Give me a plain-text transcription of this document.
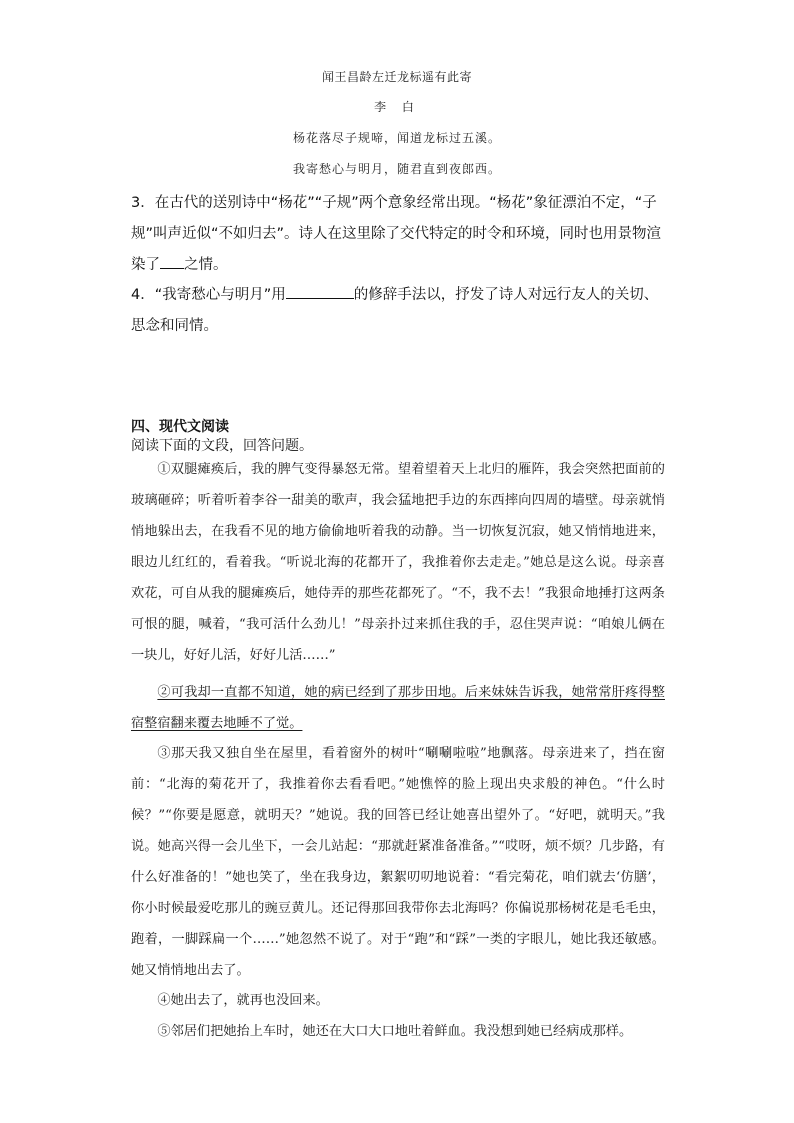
闻王昌龄左迁龙标遥有此寄
李 白
杨花落尽子规啼，闻道龙标过五溪。
我寄愁心与明月，随君直到夜郎西。
3．在古代的送别诗中“杨花”“子规”两个意象经常出现。“杨花”象征漂泊不定，“子规”叫声近似“不如归去”。诗人在这里除了交代特定的时令和环境，同时也用景物渲染了 之情。
4．“我寄愁心与明月”用	的修辞手法以，抒发了诗人对远行友人的关切、思念和同情。
四、现代文阅读
阅读下面的文段，回答问题。
①双腿瘫痪后，我的脾气变得暴怒无常。望着望着天上北归的雁阵，我会突然把面前的玻璃砸碎；听着听着李谷一甜美的歌声，我会猛地把手边的东西摔向四周的墙壁。母亲就悄悄地躲出去，在我看不见的地方偷偷地听着我的动静。当一切恢复沉寂，她又悄悄地进来，眼边儿红红的，看着我。“听说北海的花都开了，我推着你去走走。”她总是这么说。母亲喜欢花，可自从我的腿瘫痪后，她侍弄的那些花都死了。“不，我不去！”我狠命地捶打这两条可恨的腿，喊着，“我可活什么劲儿！”母亲扑过来抓住我的手，忍住哭声说：“咱娘儿俩在一块儿，好好儿活，好好儿活……”
②可我却一直都不知道，她的病已经到了那步田地。后来妹妹告诉我，她常常肝疼得整宿整宿翻来覆去地睡不了觉。
③那天我又独自坐在屋里，看着窗外的树叶“唰唰啦啦”地飘落。母亲进来了，挡在窗前：“北海的菊花开了，我推着你去看看吧。”她憔悴的脸上现出央求般的神色。“什么时候？”“你要是愿意，就明天？”她说。我的回答已经让她喜出望外了。“好吧，就明天。”我说。她高兴得一会儿坐下，一会儿站起：“那就赶紧准备准备。”“哎呀，烦不烦？几步路，有什么好准备的！”她也笑了，坐在我身边，絮絮叨叨地说着：“看完菊花，咱们就去‘仿膳’，你小时候最爱吃那儿的豌豆黄儿。还记得那回我带你去北海吗？你偏说那杨树花是毛毛虫，跑着，一脚踩扁一个……”她忽然不说了。对于“跑”和“踩”一类的字眼儿，她比我还敏感。她又悄悄地出去了。
④她出去了，就再也没回来。
⑤邻居们把她抬上车时，她还在大口大口地吐着鲜血。我没想到她已经病成那样。
